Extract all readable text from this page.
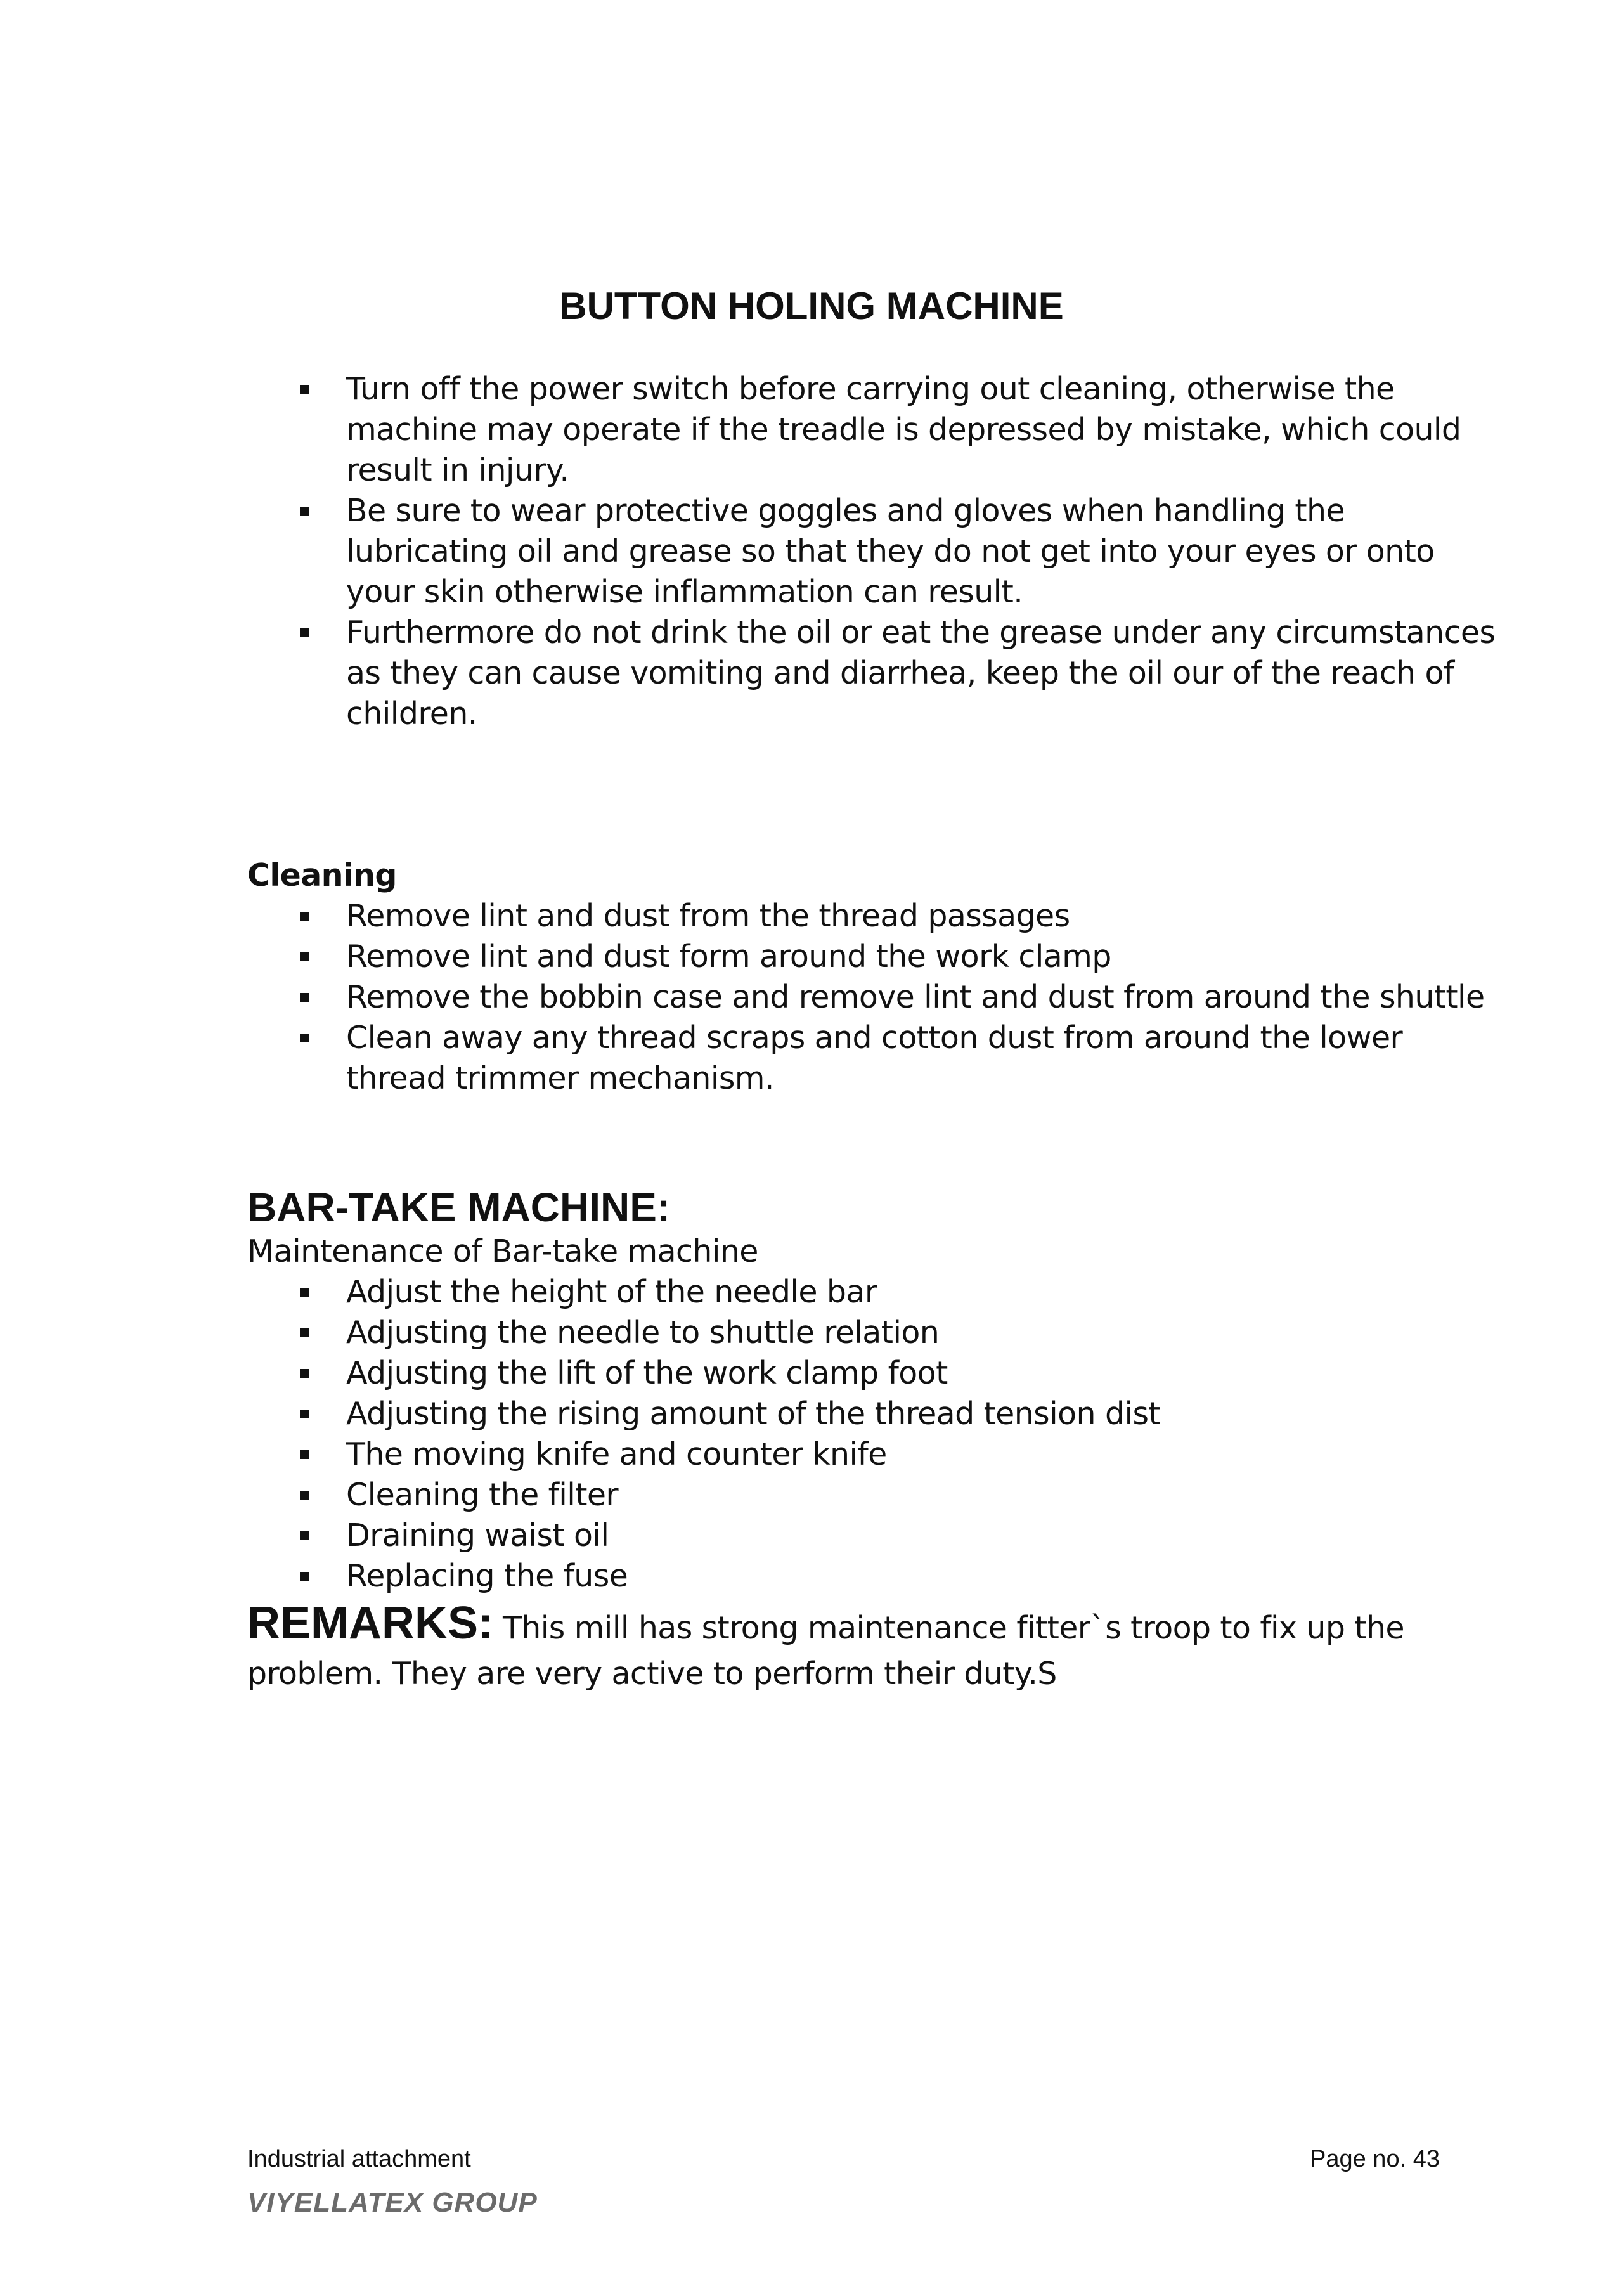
BUTTON HOLING MACHINE
Turn off the power switch before carrying out cleaning, otherwise the machine may operate if the treadle is depressed by mistake, which could result in injury.
Be sure to wear protective goggles and gloves when handling the lubricating oil and grease so that they do not get into your eyes or onto your skin otherwise inflammation can result.
Furthermore do not drink the oil or eat the grease under any circumstances as they can cause vomiting and diarrhea, keep the oil our of the reach of children.
Cleaning
Remove lint and dust from the thread passages
Remove lint and dust form around the work clamp
Remove the bobbin case and remove lint and dust from around the shuttle
Clean away any thread scraps and cotton dust from around the lower thread trimmer mechanism.
BAR-TAKE MACHINE:

Maintenance of Bar-take machine

Adjust the height of the needle bar
Adjusting the needle to shuttle relation
Adjusting the lift of the work clamp foot
Adjusting the rising amount of the thread tension dist
The moving knife and counter knife
Cleaning the filter
Draining waist oil
Replacing the fuse

REMARKS: This mill has strong maintenance fitter`s troop to fix up the problem. They are very active to perform their duty.S

Industrial attachment	Page no. 43
VIYELLATEX GROUP
